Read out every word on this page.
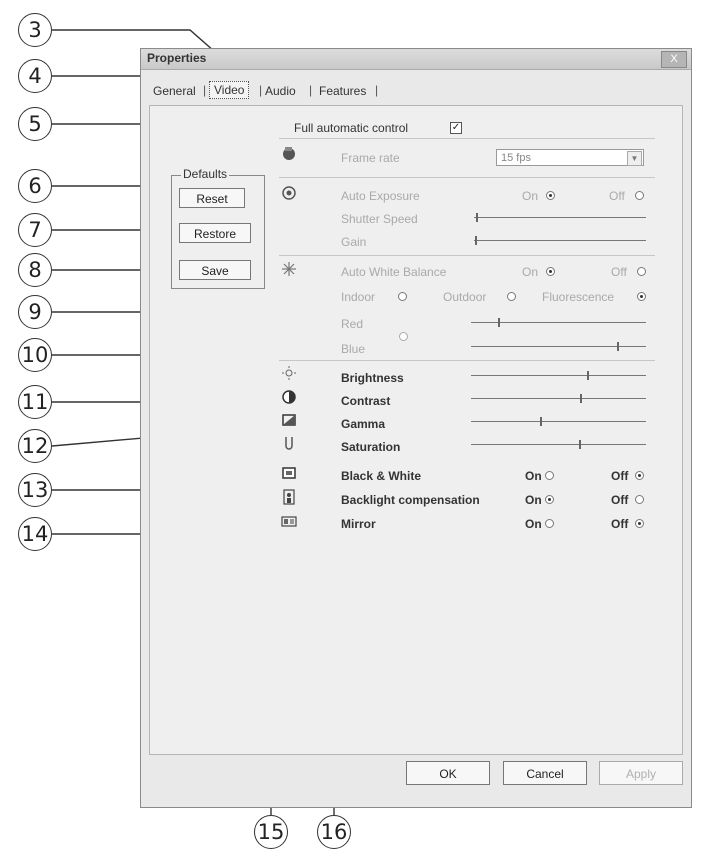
3
4
5
6
7
8
9
10
11
12
13
14
15 16
Properties	X
General | Video	| Audio	| Features |
Full automatic control	✓
Defaults
Reset
Restore
Save
Frame rate	15 fps	▼
Auto Exposure	On	Off
Shutter Speed
Gain
Auto White Balance	On	Off
Indoor	Outdoor	Fluorescence
Red
Blue
Brightness
Contrast
Gamma
Saturation
Black & White	On	Off
Backlight compensation	On	Off
Mirror	On	Off
OK	Cancel	Apply
